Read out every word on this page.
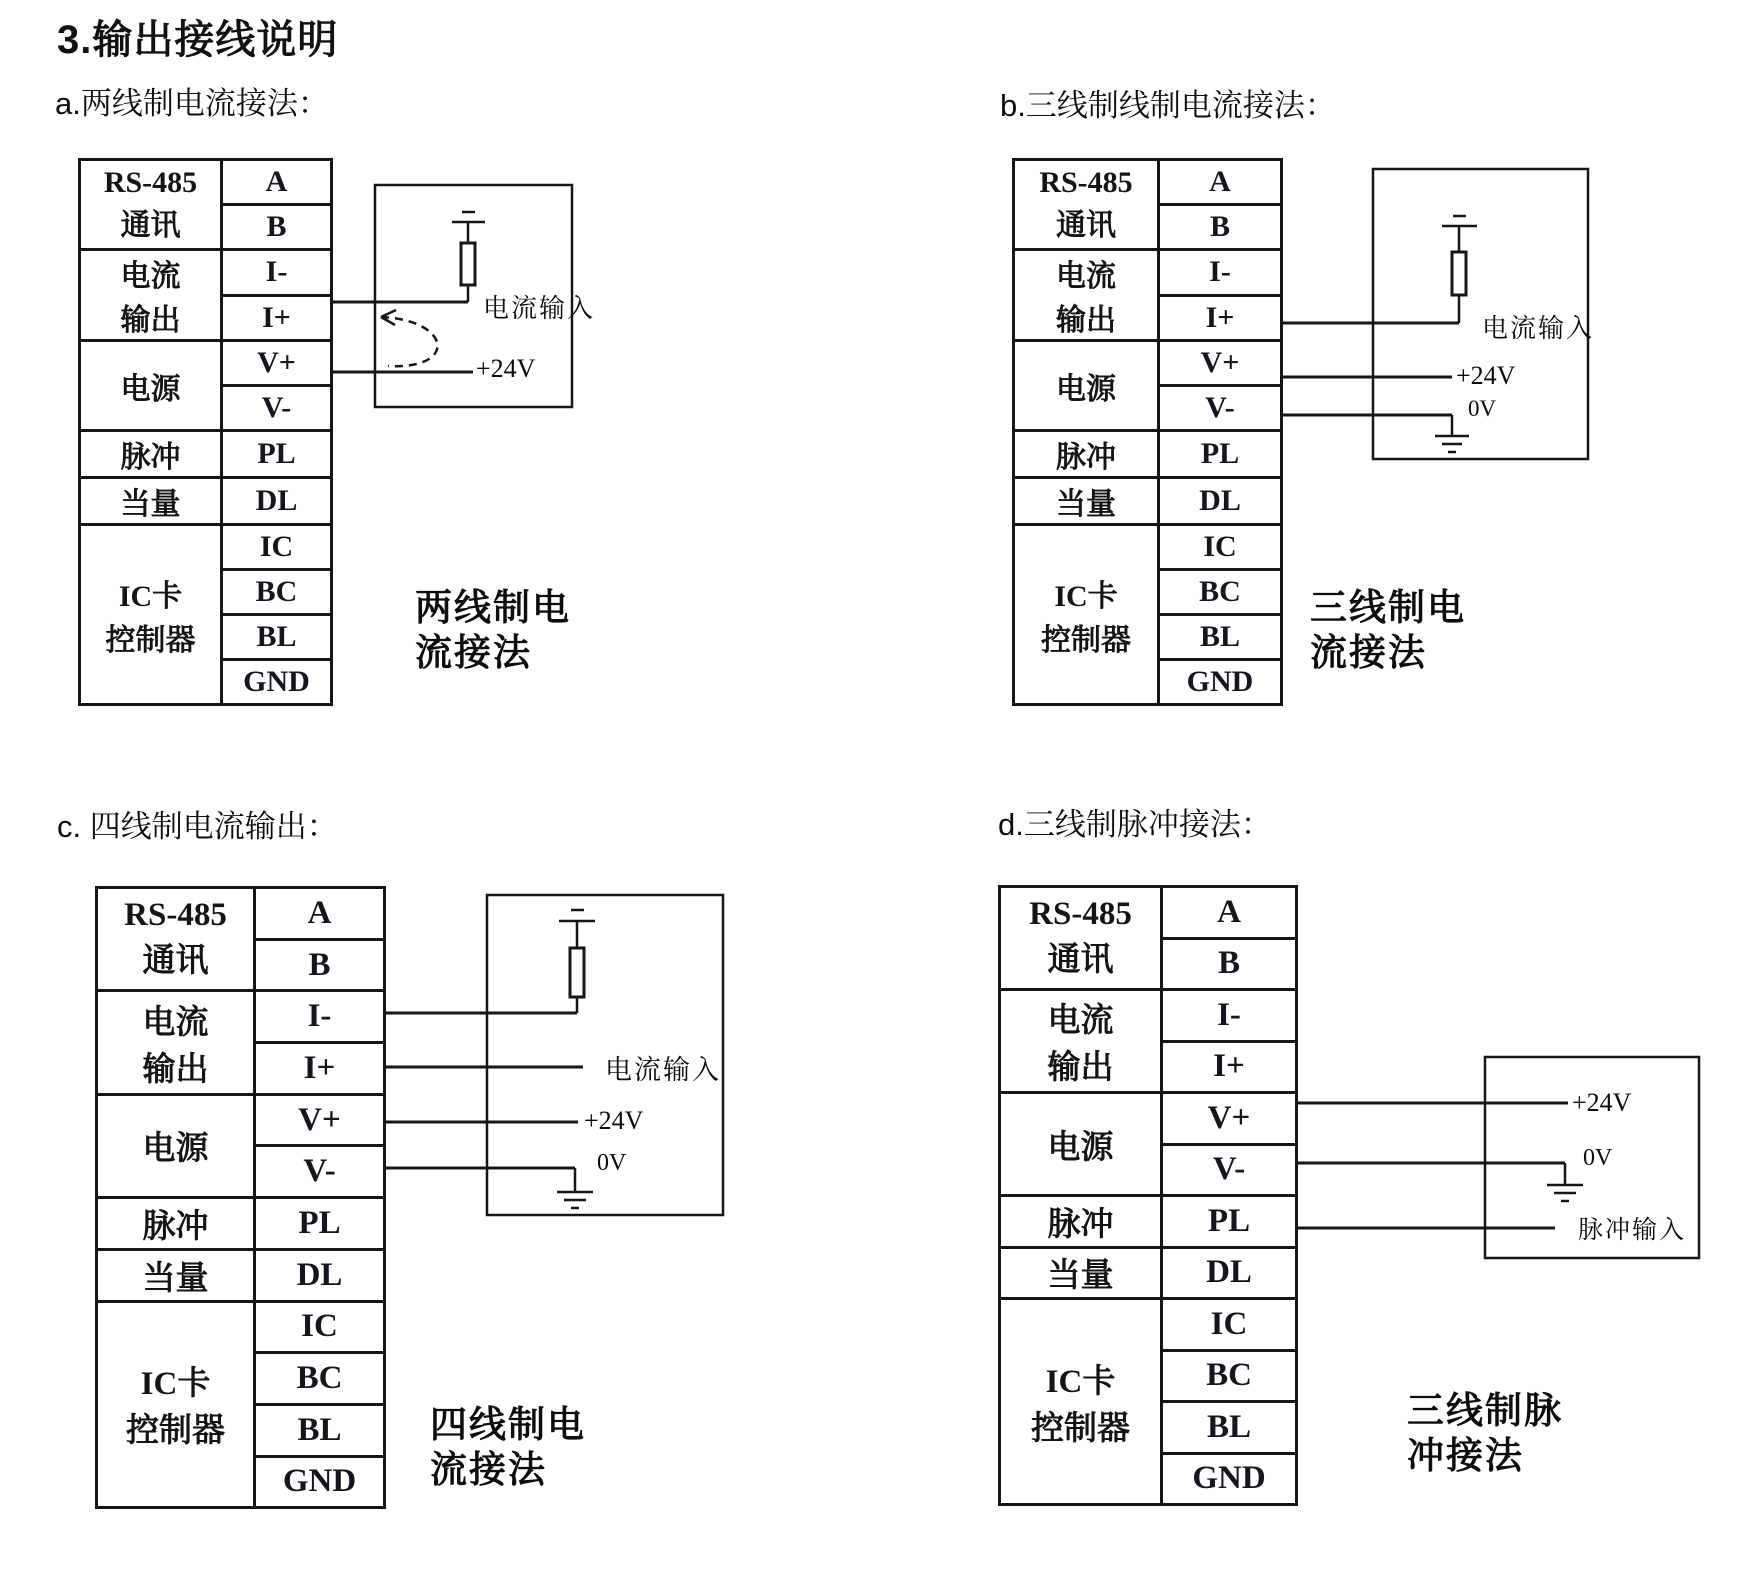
3.输出接线说明
a.两线制电流接法：	b.三线制线制电流接法：
c. 四线制电流输出：	d.三线制脉冲接法：
RS-485
通讯	A
	B
电流
输出	I-
	I+
电源	V+
	V-
脉冲	PL
当量	DL
IC卡
控制器	IC
	BC
	BL
	GND
RS-485
通讯	A
	B
电流
输出	I-
	I+
电源	V+
	V-
脉冲	PL
当量	DL
IC卡
控制器	IC
	BC
	BL
	GND
RS-485
通讯	A
	B
电流
输出	I-
	I+
电源	V+
	V-
脉冲	PL
当量	DL
IC卡
控制器	IC
	BC
	BL
	GND
RS-485
通讯	A
	B
电流
输出	I-
	I+
电源	V+
	V-
脉冲	PL
当量	DL
IC卡
控制器	IC
	BC
	BL
	GND
电流输入
+24V
电流输入
+24V
0V
电流输入
+24V
0V
+24V
0V
脉冲输入
两线制电
流接法
三线制电
流接法
四线制电
流接法
三线制脉
冲接法
